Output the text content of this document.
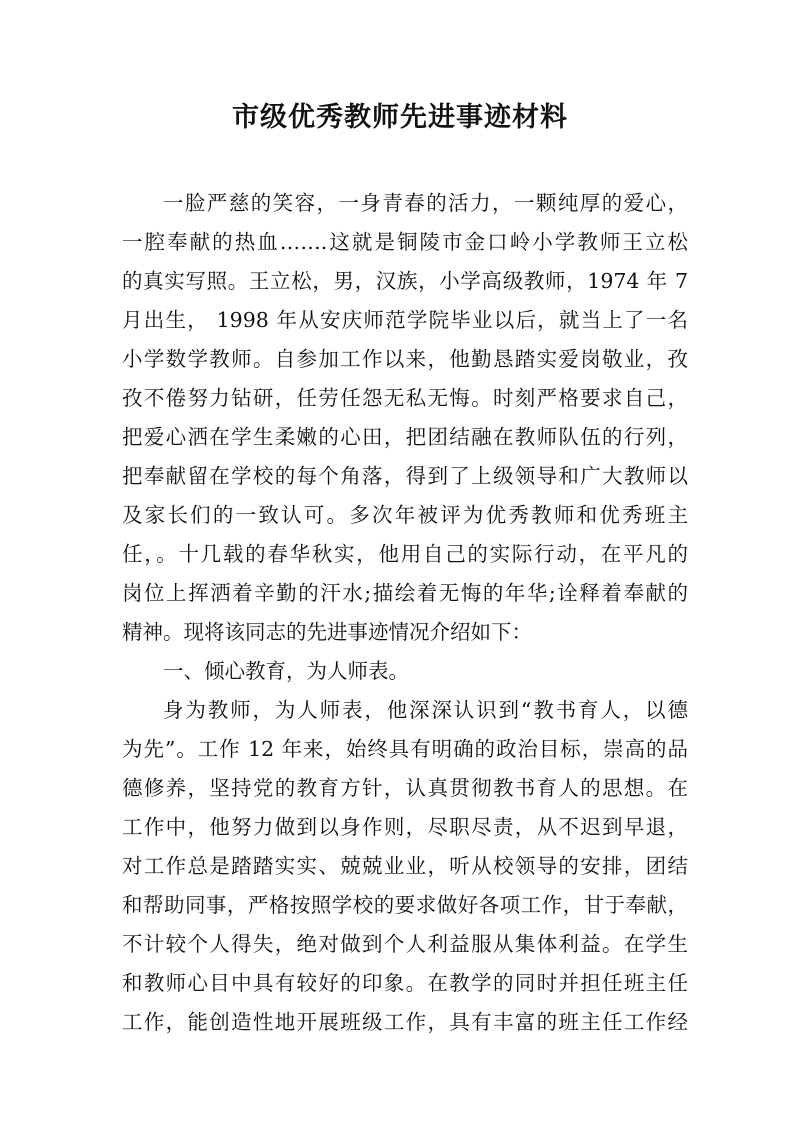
市级优秀教师先进事迹材料
一脸严慈的笑容，一身青春的活力，一颗纯厚的爱心，
一腔奉献的热血…….这就是铜陵市金口岭小学教师王立松
的真实写照。王立松，男，汉族，小学高级教师，1974 年 7
月出生， 1998 年从安庆师范学院毕业以后，就当上了一名
小学数学教师。自参加工作以来，他勤恳踏实爱岗敬业，孜
孜不倦努力钻研，任劳任怨无私无悔。时刻严格要求自己，
把爱心洒在学生柔嫩的心田，把团结融在教师队伍的行列，
把奉献留在学校的每个角落，得到了上级领导和广大教师以
及家长们的一致认可。多次年被评为优秀教师和优秀班主
任，。十几载的春华秋实，他用自己的实际行动，在平凡的
岗位上挥洒着辛勤的汗水;描绘着无悔的年华;诠释着奉献的
精神。现将该同志的先进事迹情况介绍如下：
一、倾心教育，为人师表。
身为教师，为人师表，他深深认识到“教书育人，以德
为先”。工作 12 年来，始终具有明确的政治目标，崇高的品
德修养，坚持党的教育方针，认真贯彻教书育人的思想。在
工作中，他努力做到以身作则，尽职尽责，从不迟到早退，
对工作总是踏踏实实、兢兢业业，听从校领导的安排，团结
和帮助同事，严格按照学校的要求做好各项工作，甘于奉献，
不计较个人得失，绝对做到个人利益服从集体利益。在学生
和教师心目中具有较好的印象。在教学的同时并担任班主任
工作，能创造性地开展班级工作，具有丰富的班主任工作经
